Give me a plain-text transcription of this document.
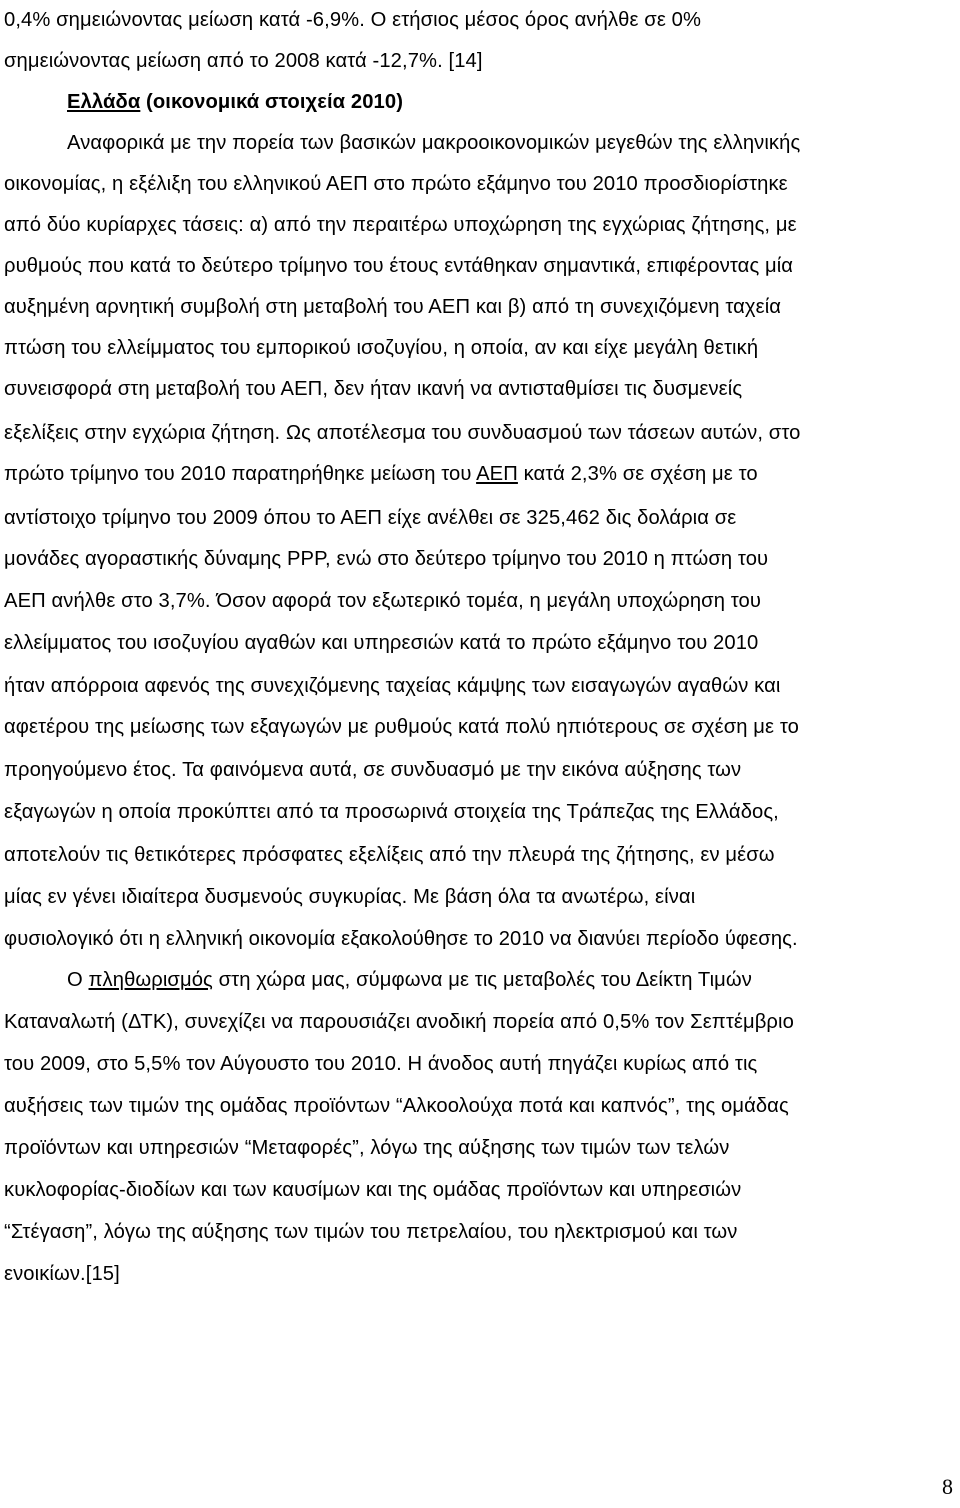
0,4% σημειώνοντας μείωση κατά -6,9%. Ο ετήσιος μέσος όρος ανήλθε σε 0%
σημειώνοντας μείωση από το 2008 κατά -12,7%. [14]
Ελλάδα (οικονομικά στοιχεία 2010)
Αναφορικά με την πορεία των βασικών μακροοικονομικών μεγεθών της ελληνικής
οικονομίας, η εξέλιξη του ελληνικού ΑΕΠ στο πρώτο εξάμηνο του 2010 προσδιορίστηκε
από δύο κυρίαρχες τάσεις: α) από την περαιτέρω υποχώρηση της εγχώριας ζήτησης, με
ρυθμούς που κατά το δεύτερο τρίμηνο του έτους εντάθηκαν σημαντικά, επιφέροντας μία
αυξημένη αρνητική συμβολή στη μεταβολή του ΑΕΠ και β) από τη συνεχιζόμενη ταχεία
πτώση του ελλείμματος του εμπορικού ισοζυγίου, η οποία, αν και είχε μεγάλη θετική
συνεισφορά στη μεταβολή του ΑΕΠ, δεν ήταν ικανή να αντισταθμίσει τις δυσμενείς
εξελίξεις στην εγχώρια ζήτηση. Ως αποτέλεσμα του συνδυασμού των τάσεων αυτών, στο
πρώτο τρίμηνο του 2010 παρατηρήθηκε μείωση του ΑΕΠ κατά 2,3% σε σχέση με το
αντίστοιχο τρίμηνο του 2009 όπου το ΑΕΠ είχε ανέλθει σε 325,462 δις δολάρια σε
μονάδες αγοραστικής δύναμης PPP, ενώ στο δεύτερο τρίμηνο του 2010 η πτώση του
ΑΕΠ ανήλθε στο 3,7%. Όσον αφορά τον εξωτερικό τομέα, η μεγάλη υποχώρηση του
ελλείμματος του ισοζυγίου αγαθών και υπηρεσιών κατά το πρώτο εξάμηνο του 2010
ήταν απόρροια αφενός της συνεχιζόμενης ταχείας κάμψης των εισαγωγών αγαθών και
αφετέρου της μείωσης των εξαγωγών με ρυθμούς κατά πολύ ηπιότερους σε σχέση με το
προηγούμενο έτος. Τα φαινόμενα αυτά, σε συνδυασμό με την εικόνα αύξησης των
εξαγωγών η οποία προκύπτει από τα προσωρινά στοιχεία της Τράπεζας της Ελλάδος,
αποτελούν τις θετικότερες πρόσφατες εξελίξεις από την πλευρά της ζήτησης, εν μέσω
μίας εν γένει ιδιαίτερα δυσμενούς συγκυρίας. Με βάση όλα τα ανωτέρω, είναι
φυσιολογικό ότι η ελληνική οικονομία εξακολούθησε το 2010 να διανύει περίοδο ύφεσης.
Ο πληθωρισμός στη χώρα μας, σύμφωνα με τις μεταβολές του Δείκτη Τιμών
Καταναλωτή (ΔΤΚ), συνεχίζει να παρουσιάζει ανοδική πορεία από 0,5% τον Σεπτέμβριο
του 2009, στο 5,5% τον Αύγουστο του 2010. Η άνοδος αυτή πηγάζει κυρίως από τις
αυξήσεις των τιμών της ομάδας προϊόντων “Αλκοολούχα ποτά και καπνός”, της ομάδας
προϊόντων και υπηρεσιών “Μεταφορές”, λόγω της αύξησης των τιμών των τελών
κυκλοφορίας-διοδίων και των καυσίμων και της ομάδας προϊόντων και υπηρεσιών
“Στέγαση”, λόγω της αύξησης των τιμών του πετρελαίου, του ηλεκτρισμού και των
ενοικίων.[15]
8
